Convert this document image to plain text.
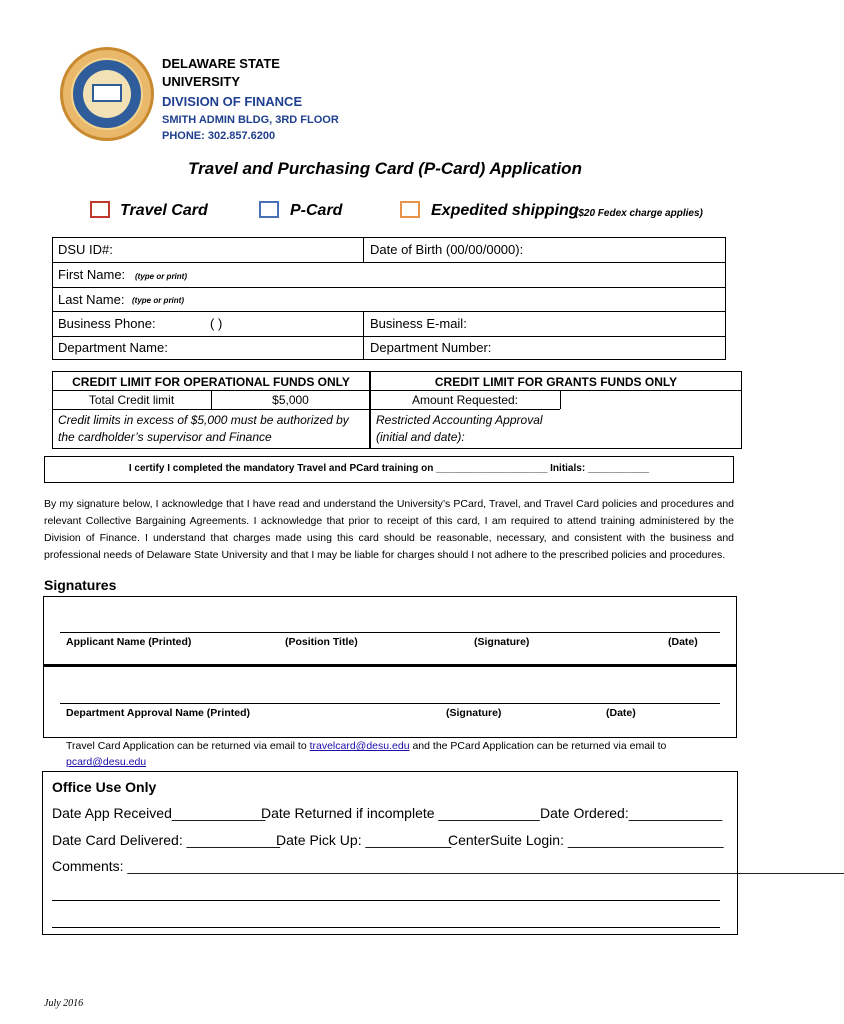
DELAWARE STATE
UNIVERSITY
DIVISION OF FINANCE
SMITH ADMIN BLDG, 3RD FLOOR
PHONE: 302.857.6200
Travel and Purchasing Card (P-Card) Application
Travel Card	P-Card	Expedited shipping
($20 Fedex charge applies)
DSU ID#:	Date of Birth (00/00/0000):
First Name: (type or print)
Last Name: (type or print)
Business Phone:	( )	Business E-mail:
Department Name:	Department Number:
CREDIT LIMIT FOR OPERATIONAL FUNDS ONLY
Total Credit limit	$5,000
Credit limits in excess of $5,000 must be authorized by
the cardholder’s supervisor and Finance
CREDIT LIMIT FOR GRANTS FUNDS ONLY
Amount Requested:
Restricted Accounting Approval
(initial and date):
I certify I completed the mandatory Travel and PCard training on ____________________ Initials: ___________
By my signature below, I acknowledge that I have read and understand the University’s PCard, Travel, and Travel Card policies and procedures and relevant Collective Bargaining Agreements. I acknowledge that prior to receipt of this card, I am required to attend training administered by the Division of Finance. I understand that charges made using this card should be reasonable, necessary, and consistent with the business and professional needs of Delaware State University and that I may be liable for charges should I not adhere to the prescribed policies and procedures.
Signatures
Applicant Name (Printed)	(Position Title)	(Signature)	(Date)
Department Approval Name (Printed)	(Signature)	(Date)
Travel Card Application can be returned via email to travelcard@desu.edu and the PCard Application can be returned via email to
pcard@desu.edu
Office Use Only
Date App Received____________
Date Returned if incomplete _____________ Date Ordered:____________
Date Card Delivered: ____________
Date Pick Up: ___________
CenterSuite Login: ____________________
Comments: ____________________________________________________________________________________________
July 2016
